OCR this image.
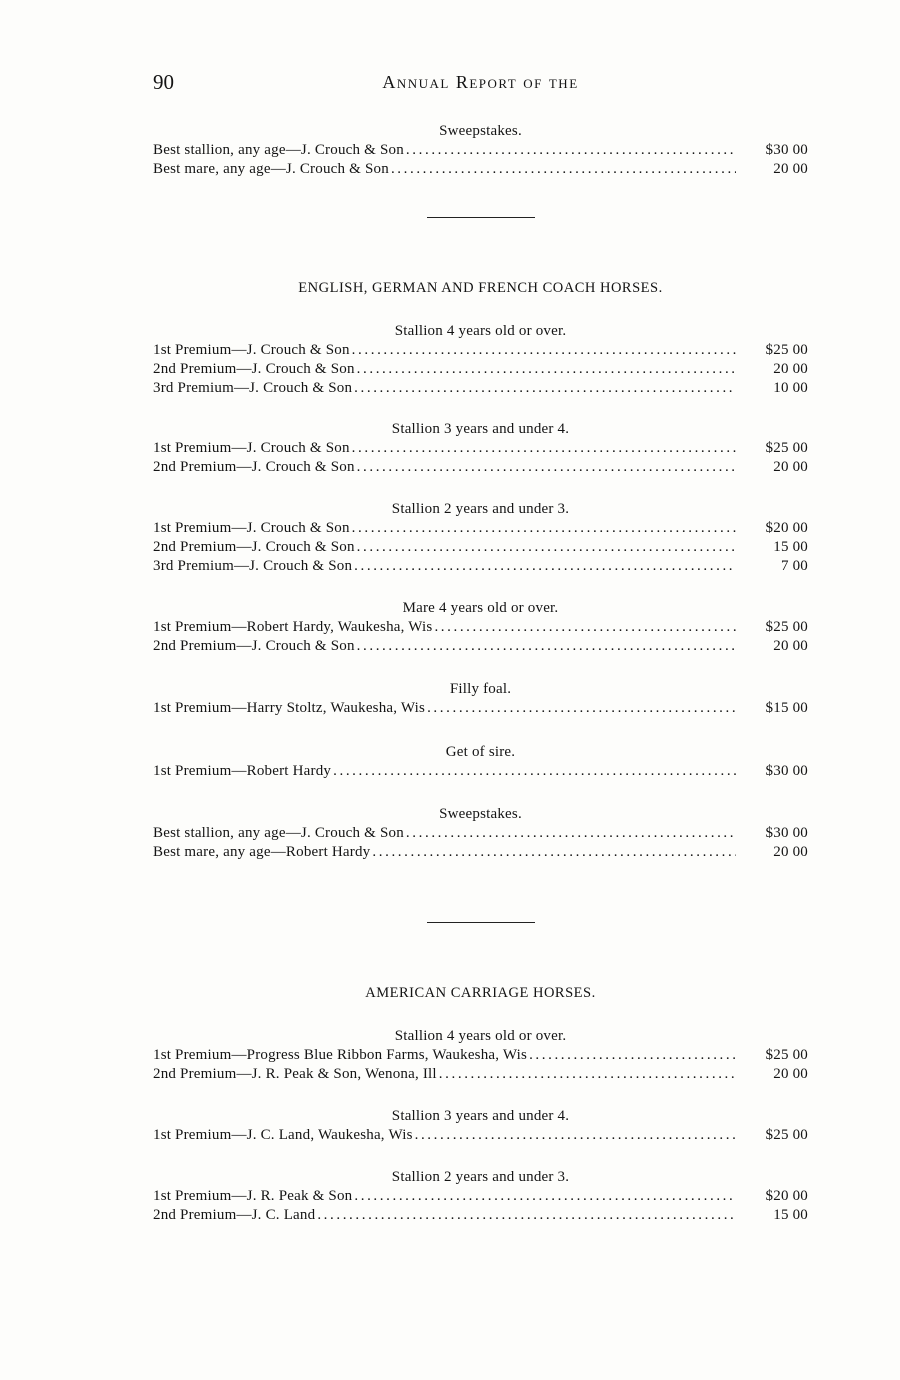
90	Annual Report of the
Sweepstakes.
Best stallion, any age—J. Crouch & Son .....	$30 00
Best mare, any age—J. Crouch & Son .....	20 00
ENGLISH, GERMAN AND FRENCH COACH HORSES.
Stallion 4 years old or over.
1st Premium—J. Crouch & Son .....	$25 00
2nd Premium—J. Crouch & Son .....	20 00
3rd Premium—J. Crouch & Son .....	10 00
Stallion 3 years and under 4.
1st Premium—J. Crouch & Son .....	$25 00
2nd Premium—J. Crouch & Son .....	20 00
Stallion 2 years and under 3.
1st Premium—J. Crouch & Son .....	$20 00
2nd Premium—J. Crouch & Son .....	15 00
3rd Premium—J. Crouch & Son .....	7 00
Mare 4 years old or over.
1st Premium—Robert Hardy, Waukesha, Wis .....	$25 00
2nd Premium—J. Crouch & Son .....	20 00
Filly foal.
1st Premium—Harry Stoltz, Waukesha, Wis .....	$15 00
Get of sire.
1st Premium—Robert Hardy .....	$30 00
Sweepstakes.
Best stallion, any age—J. Crouch & Son .....	$30 00
Best mare, any age—Robert Hardy .....	20 00
AMERICAN CARRIAGE HORSES.
Stallion 4 years old or over.
1st Premium—Progress Blue Ribbon Farms, Waukesha, Wis .....	$25 00
2nd Premium—J. R. Peak & Son, Wenona, Ill .....	20 00
Stallion 3 years and under 4.
1st Premium—J. C. Land, Waukesha, Wis .....	$25 00
Stallion 2 years and under 3.
1st Premium—J. R. Peak & Son .....	$20 00
2nd Premium—J. C. Land .....	15 00
